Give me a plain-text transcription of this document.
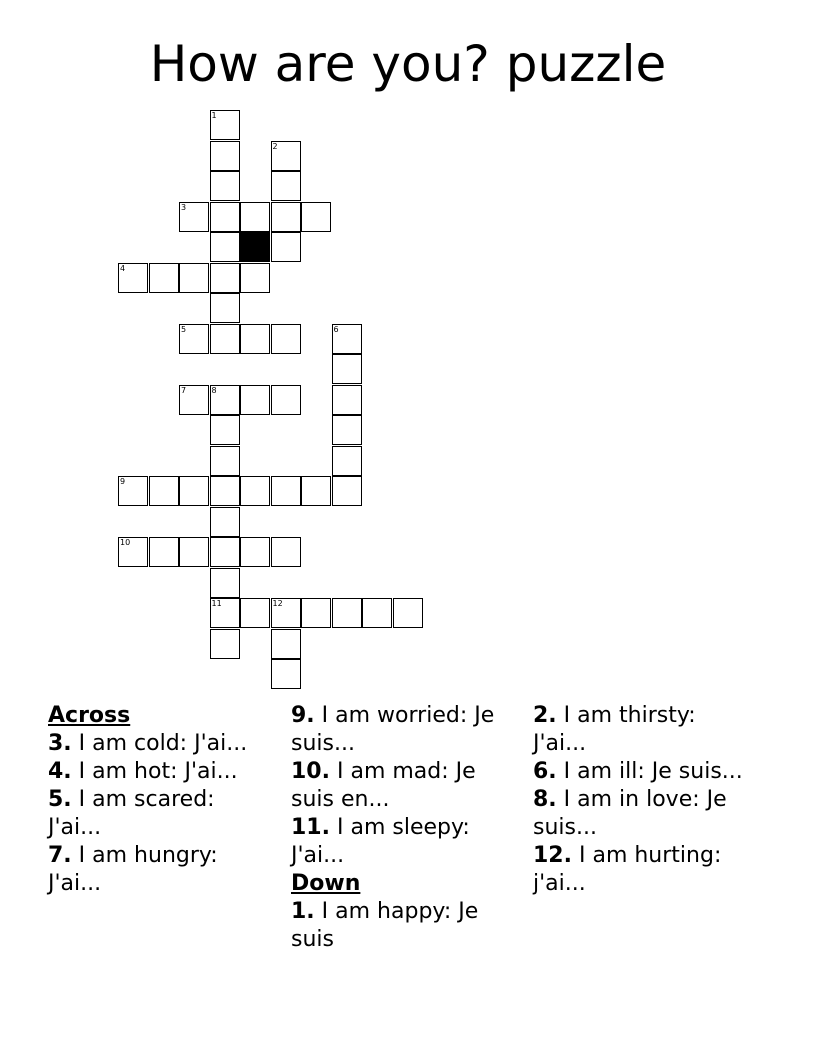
How are you? puzzle
1
2
3
4
5	6
7	8
9
10
11	12
Across
3. I am cold: J'ai...
4. I am hot: J'ai...
5. I am scared: J'ai...
7. I am hungry: J'ai...
9. I am worried: Je suis...
10. I am mad: Je suis en...
11. I am sleepy: J'ai...
Down
1. I am happy: Je suis
2. I am thirsty: J'ai...
6. I am ill: Je suis...
8. I am in love: Je suis...
12. I am hurting: j'ai...
